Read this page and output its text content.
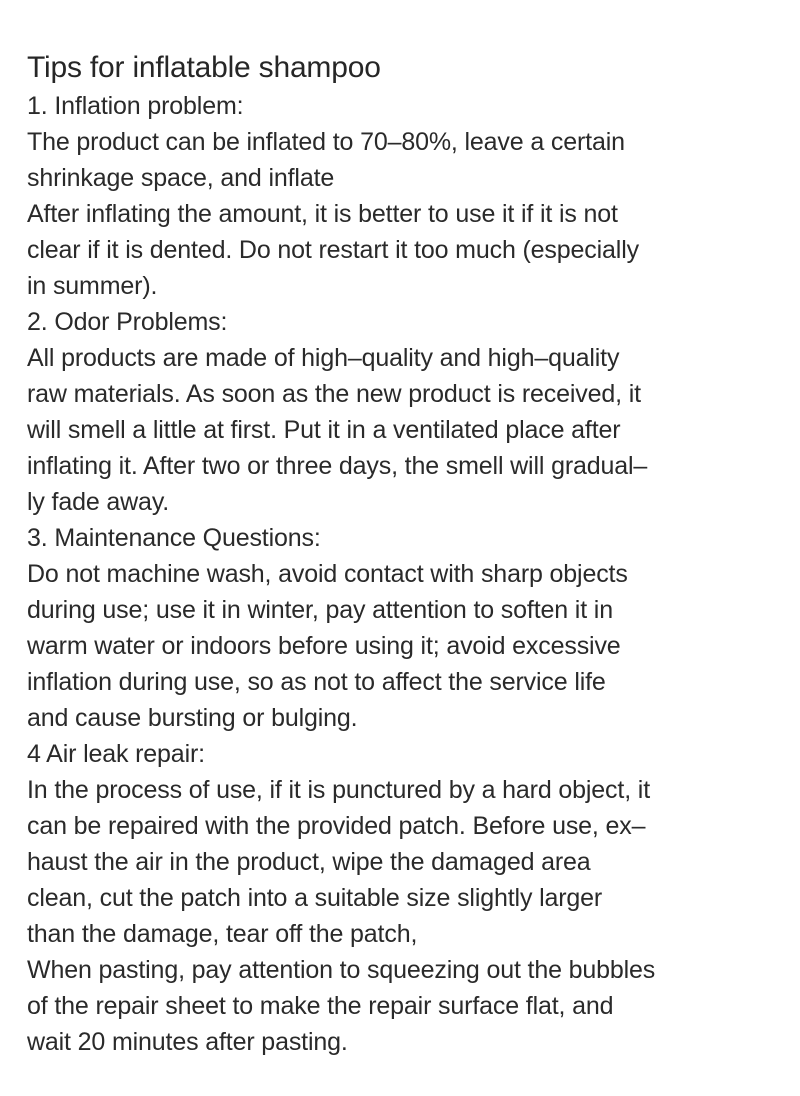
Tips for inflatable shampoo

1. Inflation problem:

The product can be inflated to 70–80%, leave a certain

shrinkage space, and inflate

After inflating the amount, it is better to use it if it is not

clear if it is dented. Do not restart it too much (especially

in summer).

2. Odor Problems:

All products are made of high–quality and high–quality

raw materials. As soon as the new product is received, it

will smell a little at first. Put it in a ventilated place after

inflating it. After two or three days, the smell will gradual–

ly fade away.

3. Maintenance Questions:

Do not machine wash, avoid contact with sharp objects

during use; use it in winter, pay attention to soften it in

warm water or indoors before using it; avoid excessive

inflation during use, so as not to affect the service life

and cause bursting or bulging.

4 Air leak repair:

In the process of use, if it is punctured by a hard object, it

can be repaired with the provided patch. Before use, ex–

haust the air in the product, wipe the damaged area

clean, cut the patch into a suitable size slightly larger

than the damage, tear off the patch,

When pasting, pay attention to squeezing out the bubbles

of the repair sheet to make the repair surface flat, and

wait 20 minutes after pasting.
